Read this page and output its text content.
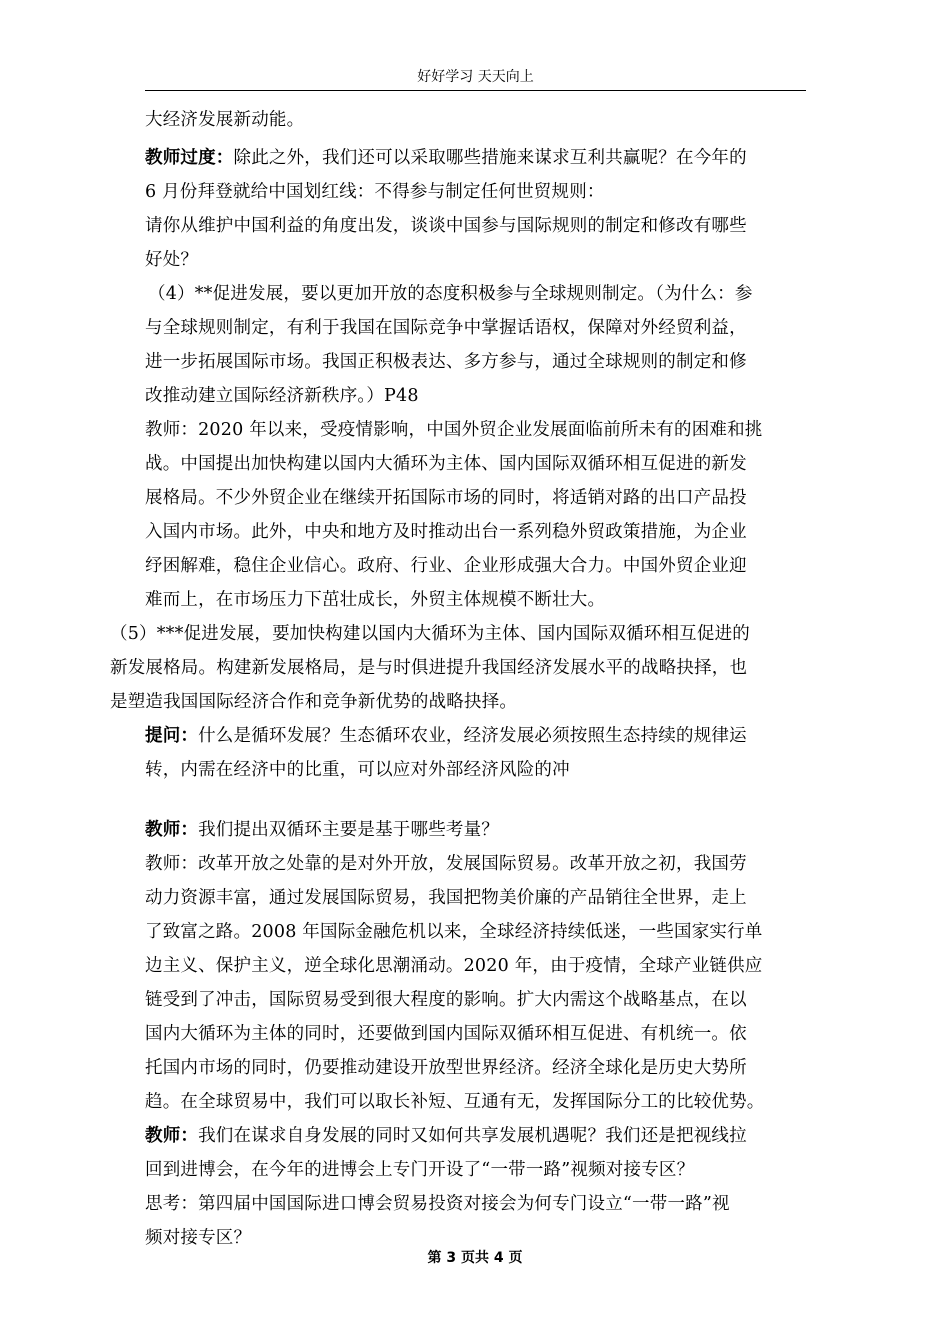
好好学习 天天向上
大经济发展新动能。
教师过度：除此之外，我们还可以采取哪些措施来谋求互利共赢呢？在今年的
6 月份拜登就给中国划红线：不得参与制定任何世贸规则：
请你从维护中国利益的角度出发，谈谈中国参与国际规则的制定和修改有哪些
好处？
（4）**促进发展，要以更加开放的态度积极参与全球规则制定。（为什么：参
与全球规则制定，有利于我国在国际竞争中掌握话语权，保障对外经贸利益，
进一步拓展国际市场。我国正积极表达、多方参与，通过全球规则的制定和修
改推动建立国际经济新秩序。）P48
教师：2020 年以来，受疫情影响，中国外贸企业发展面临前所未有的困难和挑
战。中国提出加快构建以国内大循环为主体、国内国际双循环相互促进的新发
展格局。不少外贸企业在继续开拓国际市场的同时，将适销对路的出口产品投
入国内市场。此外，中央和地方及时推动出台一系列稳外贸政策措施，为企业
纾困解难，稳住企业信心。政府、行业、企业形成强大合力。中国外贸企业迎
难而上，在市场压力下茁壮成长，外贸主体规模不断壮大。
（5）***促进发展，要加快构建以国内大循环为主体、国内国际双循环相互促进的
新发展格局。构建新发展格局，是与时俱进提升我国经济发展水平的战略抉择，也
是塑造我国国际经济合作和竞争新优势的战略抉择。
提问：什么是循环发展？生态循环农业，经济发展必须按照生态持续的规律运
转，内需在经济中的比重，可以应对外部经济风险的冲
教师：我们提出双循环主要是基于哪些考量？
教师：改革开放之处靠的是对外开放，发展国际贸易。改革开放之初，我国劳
动力资源丰富，通过发展国际贸易，我国把物美价廉的产品销往全世界，走上
了致富之路。2008 年国际金融危机以来，全球经济持续低迷，一些国家实行单
边主义、保护主义，逆全球化思潮涌动。2020 年，由于疫情，全球产业链供应
链受到了冲击，国际贸易受到很大程度的影响。扩大内需这个战略基点，在以
国内大循环为主体的同时，还要做到国内国际双循环相互促进、有机统一。依
托国内市场的同时，仍要推动建设开放型世界经济。经济全球化是历史大势所
趋。在全球贸易中，我们可以取长补短、互通有无，发挥国际分工的比较优势。
教师：我们在谋求自身发展的同时又如何共享发展机遇呢？我们还是把视线拉
回到进博会，在今年的进博会上专门开设了“一带一路”视频对接专区？
思考：第四届中国国际进口博会贸易投资对接会为何专门设立“一带一路”视
频对接专区？
第 3 页共 4 页
